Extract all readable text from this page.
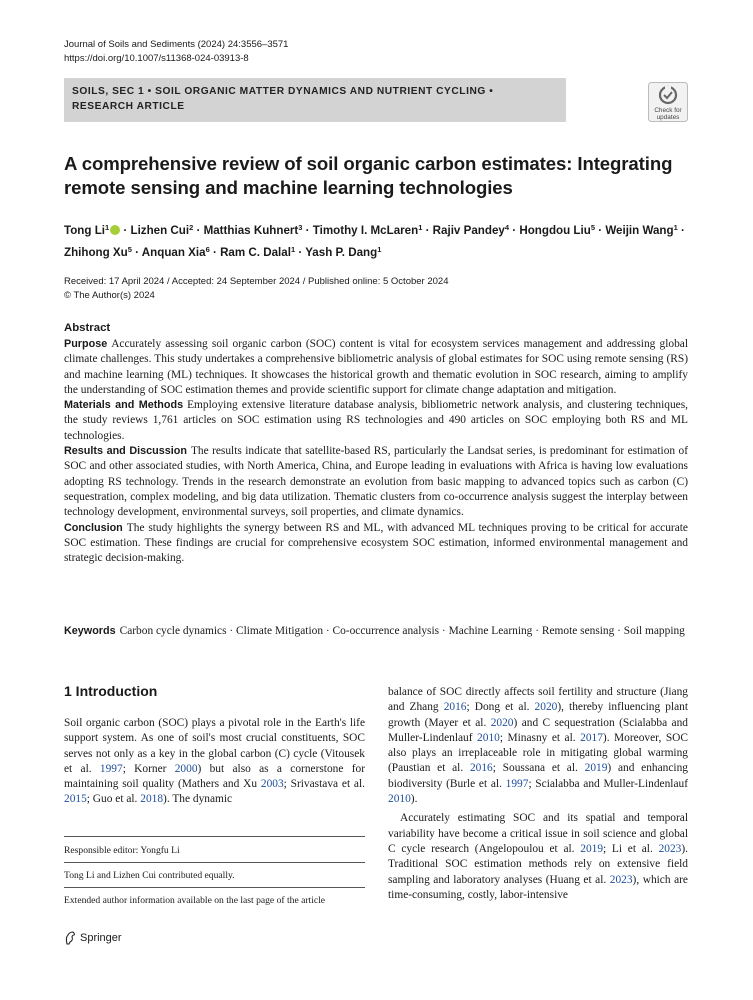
Journal of Soils and Sediments (2024) 24:3556–3571
https://doi.org/10.1007/s11368-024-03913-8
SOILS, SEC 1 • SOIL ORGANIC MATTER DYNAMICS AND NUTRIENT CYCLING •
RESEARCH ARTICLE	Check for
updates
A comprehensive review of soil organic carbon estimates: Integrating
remote sensing and machine learning technologies
Tong $Li^1$ · Lizhen Cui$^2$ · Matthias Kuhnert$^3$ · Timothy I. McLaren$^1$ · Rajiv Pandey$^4$ · Hongdou Liu$^5$ · Weijin Wang$^1$ · Zhihong $Xu^5$ · Anquan Xia$^6$ · Ram C. Dalal$^1$ · Yash P. Dang$^1$
Received: 17 April 2024 / Accepted: 24 September 2024 / Published online: 5 October 2024
© The Author(s) 2024
Abstract

Purpose Accurately assessing soil organic carbon (SOC) content is vital for ecosystem services management and addressing global climate challenges. This study undertakes a comprehensive bibliometric analysis of global estimates for SOC using remote sensing (RS) and machine learning (ML) techniques. It showcases the historical growth and thematic evolution in SOC research, aiming to amplify the understanding of SOC estimation themes and provide scientific support for climate change adaptation and mitigation.

Materials and Methods Employing extensive literature database analysis, bibliometric network analysis, and clustering techniques, the study reviews 1,761 articles on SOC estimation using RS technologies and 490 articles on SOC employing both RS and ML technologies.

Results and Discussion The results indicate that satellite-based RS, particularly the Landsat series, is predominant for estimation of SOC and other associated studies, with North America, China, and Europe leading in evaluations with Africa is having low evaluations adopting RS technology. Trends in the research demonstrate an evolution from basic mapping to advanced topics such as carbon (C) sequestration, complex modeling, and big data utilization. Thematic clusters from co-occurrence analysis suggest the interplay between technology development, environmental surveys, soil properties, and climate dynamics.

Conclusion The study highlights the synergy between RS and ML, with advanced ML techniques proving to be critical for accurate SOC estimation. These findings are crucial for comprehensive ecosystem SOC estimation, informed environmental management and strategic decision-making.

Keywords Carbon cycle dynamics · Climate Mitigation · Co-occurrence analysis · Machine Learning · Remote sensing · Soil mapping
1 Introduction

Soil organic carbon (SOC) plays a pivotal role in the Earth's life support system. As one of soil's most crucial constituents, SOC serves not only as a key in the global carbon (C) cycle (Vitousek et al. 1997; Korner 2000) but also as a cornerstone for maintaining soil quality (Mathers and Xu 2003; Srivastava et al. 2015; Guo et al. 2018). The dynamic

balance of SOC directly affects soil fertility and structure (Jiang and Zhang 2016; Dong et al. 2020), thereby influencing plant growth (Mayer et al. 2020) and C sequestration (Scialabba and Muller-Lindenlauf 2010; Minasny et al. 2017). Moreover, SOC also plays an irreplaceable role in mitigating global warming (Paustian et al. 2016; Soussana et al. 2019) and enhancing biodiversity (Burle et al. 1997; Scialabba and Muller-Lindenlauf 2010).

Accurately estimating SOC and its spatial and temporal variability have become a critical issue in soil science and global C cycle research (Angelopoulou et al. 2019; Li et al. 2023). Traditional SOC estimation methods rely on extensive field sampling and laboratory analyses (Huang et al. 2023), which are time-consuming, costly, labor-intensive

Responsible editor: Yongfu Li
Tong Li and Lizhen Cui contributed equally.
Extended author information available on the last page of the article
Springer
